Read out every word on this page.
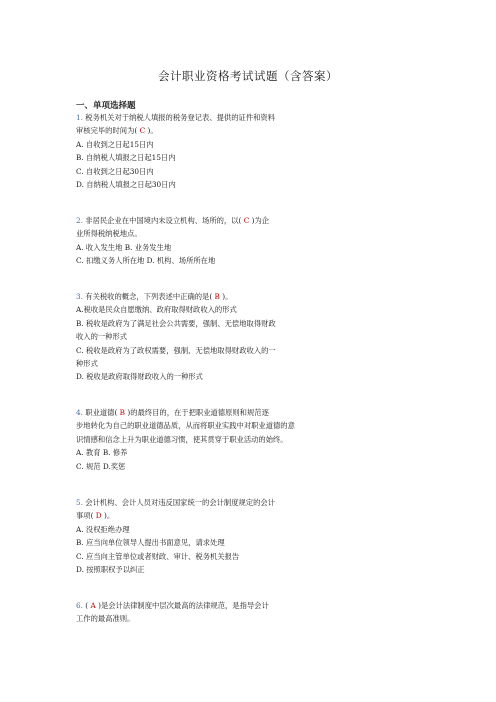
会计职业资格考试试题（含答案）
一、单项选择题
1. 税务机关对于纳税人填报的税务登记表、提供的证件和资料
审核完毕的时间为( C )。
A. 自收到之日起15日内
B. 自纳税人填报之日起15日内
C. 自收到之日起30日内
D. 自纳税人填报之日起30日内
2. 非居民企业在中国境内未设立机构、场所的，以( C )为企
业所得税纳税地点。
A. 收入发生地 B. 业务发生地
C. 扣缴义务人所在地 D. 机构、场所所在地
3. 有关税收的概念，下列表述中正确的是( B )。
A.税收是民众自愿缴纳、政府取得财政收入的形式
B. 税收是政府为了满足社会公共需要，强制、无偿地取得财政
收入的一种形式
C. 税收是政府为了政权需要，强制、无偿地取得财政收入的一
种形式
D. 税收是政府取得财政收入的一种形式
4. 职业道德( B )的最终目的，在于把职业道德原则和规范逐
步地转化为自己的职业道德品质，从而将职业实践中对职业道德的意
识情感和信念上升为职业道德习惯，使其贯穿于职业活动的始终。
A. 教育 B. 修养
C. 规范 D.奖惩
5. 会计机构、会计人员对违反国家统一的会计制度规定的会计
事项( D )。
A. 没权拒绝办理
B. 应当向单位领导人提出书面意见，请求处理
C. 应当向主管单位或者财政、审计、税务机关报告
D. 按照职权予以纠正
6. ( A )是会计法律制度中层次最高的法律规范，是指导会计
工作的最高准则。
